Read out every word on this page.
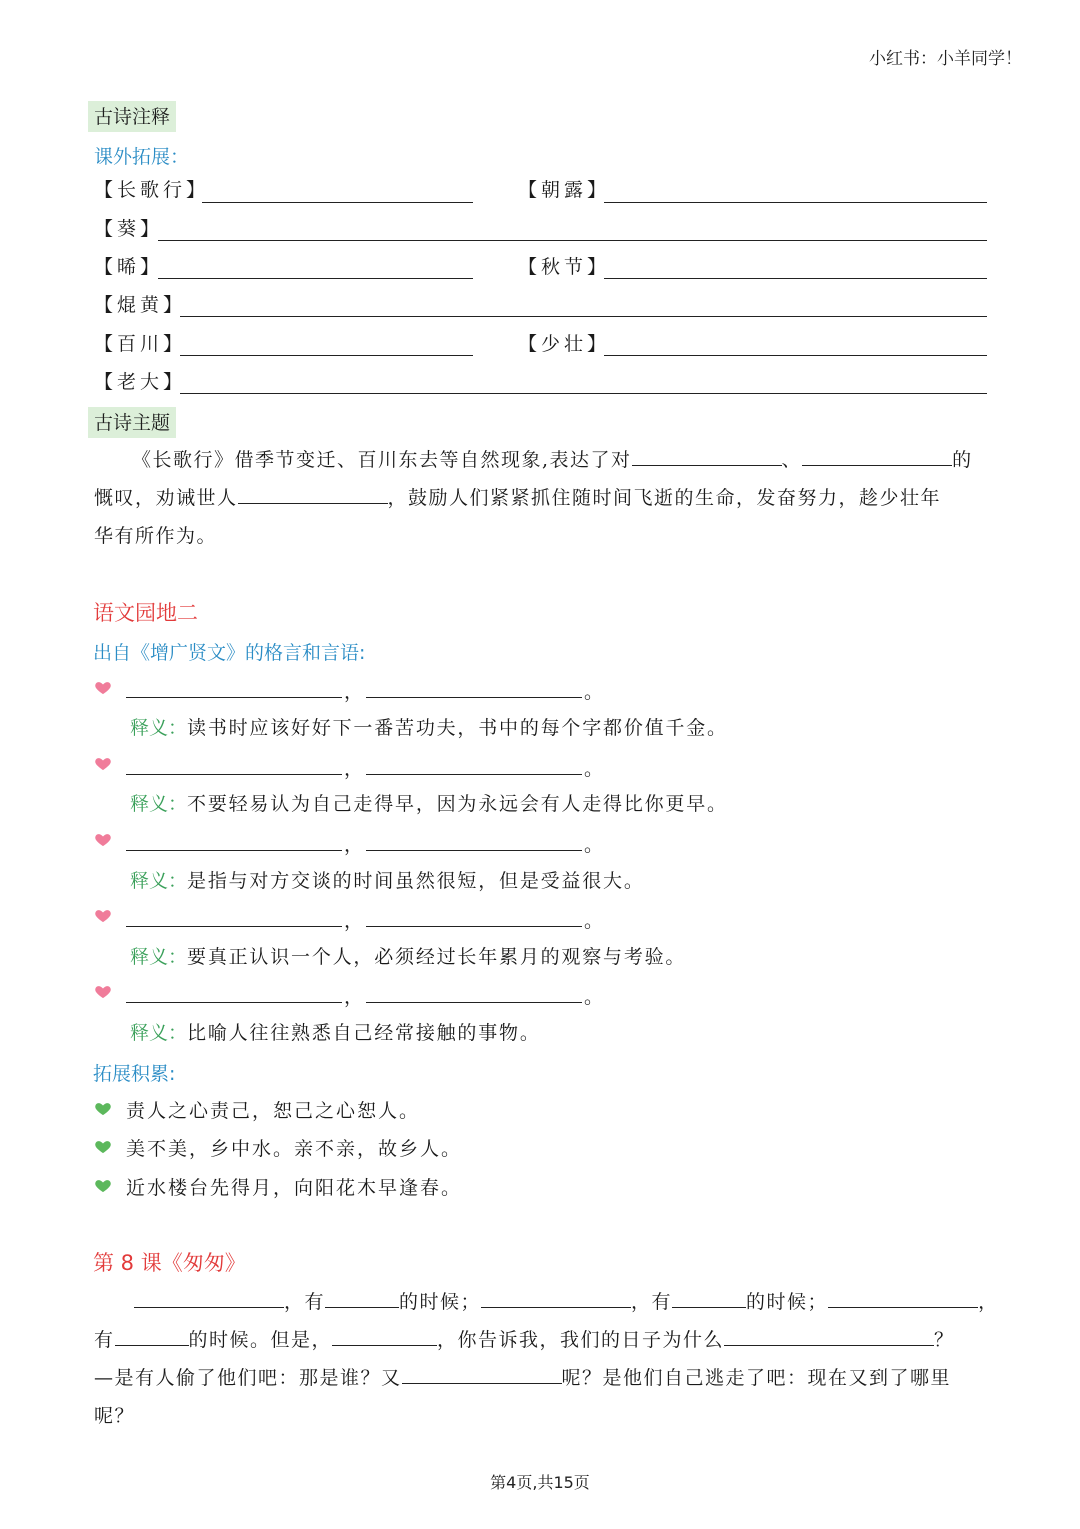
小红书：小羊同学！
古诗注释
课外拓展：
【长歌行】	【朝露】
【葵】
【晞】	【秋节】
【焜黄】
【百川】	【少壮】
【老大】
古诗主题
《长歌行》借季节变迁、百川东去等自然现象,表达了对	、	的
慨叹，劝诫世人	，鼓励人们紧紧抓住随时间飞逝的生命，发奋努力，趁少壮年
华有所作为。
语文园地二
出自《增广贤文》的格言和言语:
，	。
释义：读书时应该好好下一番苦功夫，书中的每个字都价值千金。
，	。
释义：不要轻易认为自己走得早，因为永远会有人走得比你更早。
，	。
释义：是指与对方交谈的时间虽然很短，但是受益很大。
，	。
释义：要真正认识一个人，必须经过长年累月的观察与考验。
，	。
释义：比喻人往往熟悉自己经常接触的事物。
拓展积累:
责人之心责己，恕己之心恕人。
美不美，乡中水。亲不亲，故乡人。
近水楼台先得月，向阳花木早逢春。
第 8 课《匆匆》
，有	的时候；	，有	的时候；	，
有	的时候。但是，	，你告诉我，我们的日子为什么	？
—是有人偷了他们吧：那是谁？又	呢？是他们自己逃走了吧：现在又到了哪里
呢？
第4页,共15页
